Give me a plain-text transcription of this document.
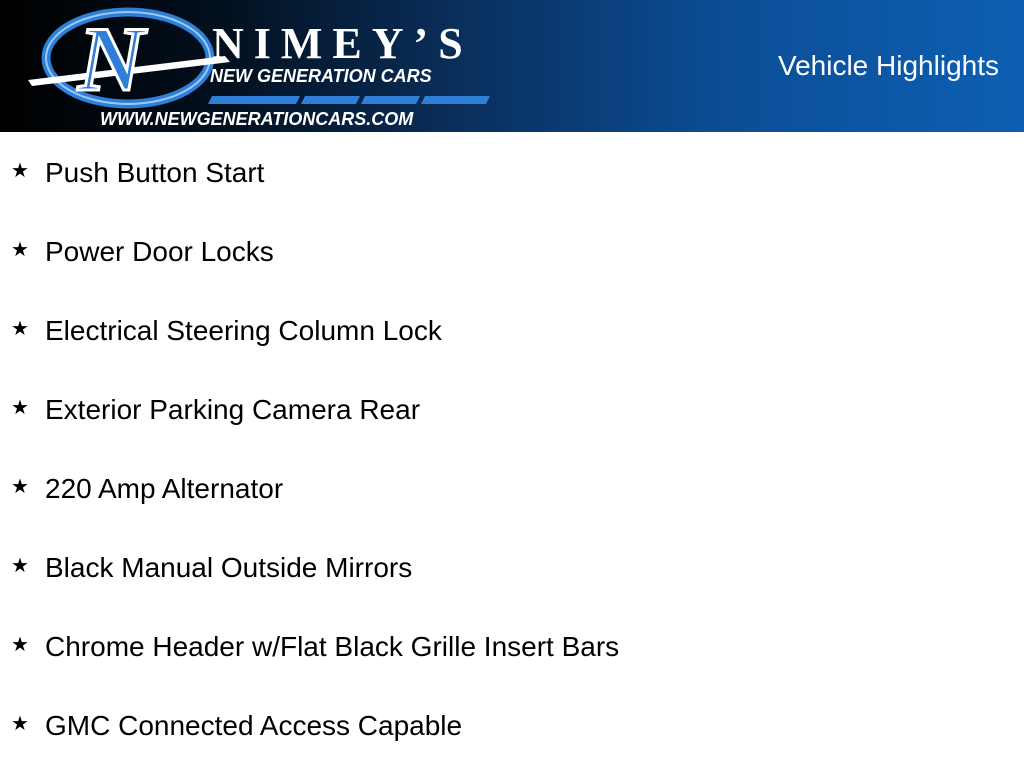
N NIMEY’S
NEW GENERATION CARS
WWW.NEWGENERATIONCARS.COM
Vehicle Highlights
★ Push Button Start
★ Power Door Locks
★ Electrical Steering Column Lock
★ Exterior Parking Camera Rear
★ 220 Amp Alternator
★ Black Manual Outside Mirrors
★ Chrome Header w/Flat Black Grille Insert Bars
★ GMC Connected Access Capable
